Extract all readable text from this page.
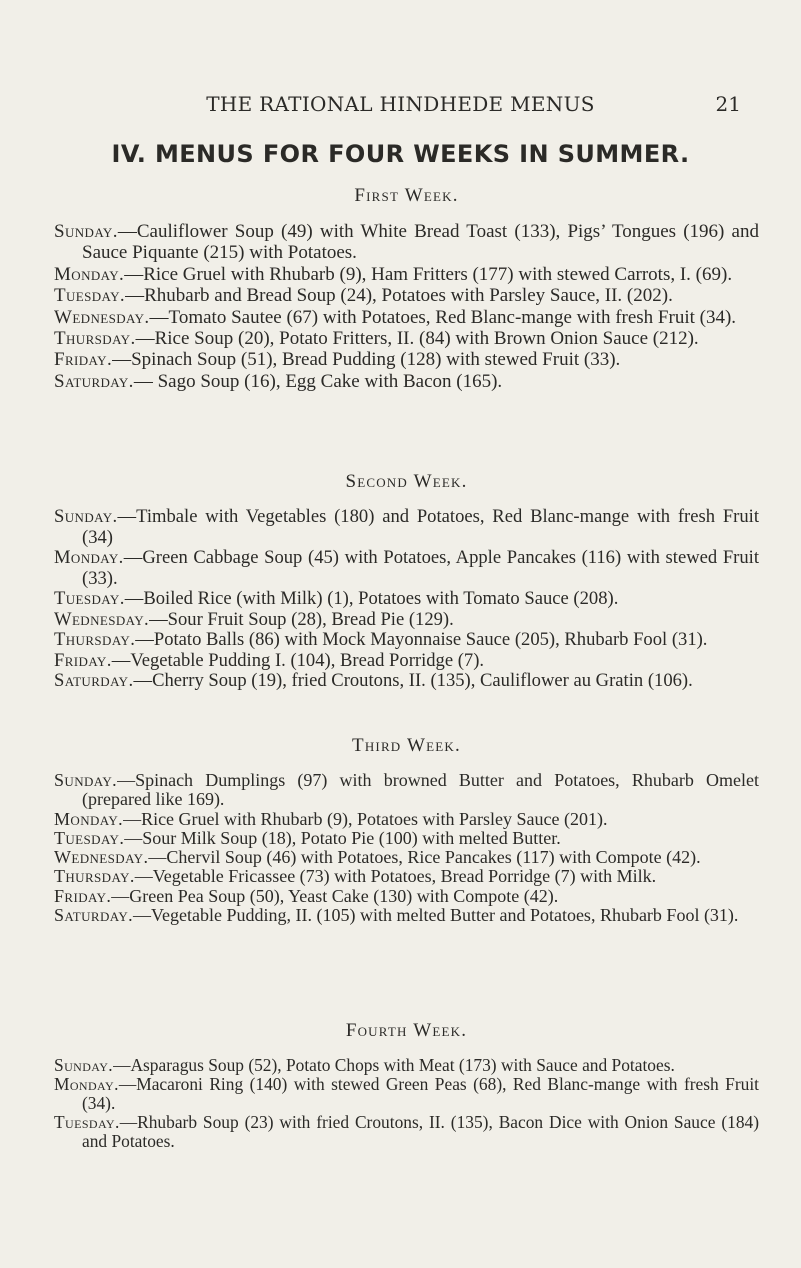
THE RATIONAL HINDHEDE MENUS	21
IV. MENUS FOR FOUR WEEKS IN SUMMER.

First Week.

Sunday.—Cauliflower Soup (49) with White Bread Toast (133), Pigs’ Tongues (196) and Sauce Piquante (215) with Potatoes.

Monday.—Rice Gruel with Rhubarb (9), Ham Fritters (177) with stewed Carrots, I. (69).

Tuesday.—Rhubarb and Bread Soup (24), Potatoes with Parsley Sauce, II. (202).

Wednesday.—Tomato Sautee (67) with Potatoes, Red Blanc-mange with fresh Fruit (34).

Thursday.—Rice Soup (20), Potato Fritters, II. (84) with Brown Onion Sauce (212).

Friday.—Spinach Soup (51), Bread Pudding (128) with stewed Fruit (33).

Saturday.— Sago Soup (16), Egg Cake with Bacon (165).

Second Week.

Sunday.—Timbale with Vegetables (180) and Potatoes, Red Blanc-mange with fresh Fruit (34)

Monday.—Green Cabbage Soup (45) with Potatoes, Apple Pancakes (116) with stewed Fruit (33).

Tuesday.—Boiled Rice (with Milk) (1), Potatoes with Tomato Sauce (208).

Wednesday.—Sour Fruit Soup (28), Bread Pie (129).

Thursday.—Potato Balls (86) with Mock Mayonnaise Sauce (205), Rhubarb Fool (31).

Friday.—Vegetable Pudding I. (104), Bread Porridge (7).

Saturday.—Cherry Soup (19), fried Croutons, II. (135), Cauliflower au Gratin (106).

Third Week.

Sunday.—Spinach Dumplings (97) with browned Butter and Potatoes, Rhubarb Omelet (prepared like 169).

Monday.—Rice Gruel with Rhubarb (9), Potatoes with Parsley Sauce (201).

Tuesday.—Sour Milk Soup (18), Potato Pie (100) with melted Butter.

Wednesday.—Chervil Soup (46) with Potatoes, Rice Pancakes (117) with Compote (42).

Thursday.—Vegetable Fricassee (73) with Potatoes, Bread Porridge (7) with Milk.

Friday.—Green Pea Soup (50), Yeast Cake (130) with Compote (42).

Saturday.—Vegetable Pudding, II. (105) with melted Butter and Potatoes, Rhubarb Fool (31).

Fourth Week.

Sunday.—Asparagus Soup (52), Potato Chops with Meat (173) with Sauce and Potatoes.

Monday.—Macaroni Ring (140) with stewed Green Peas (68), Red Blanc-mange with fresh Fruit (34).

Tuesday.—Rhubarb Soup (23) with fried Croutons, II. (135), Bacon Dice with Onion Sauce (184) and Potatoes.
